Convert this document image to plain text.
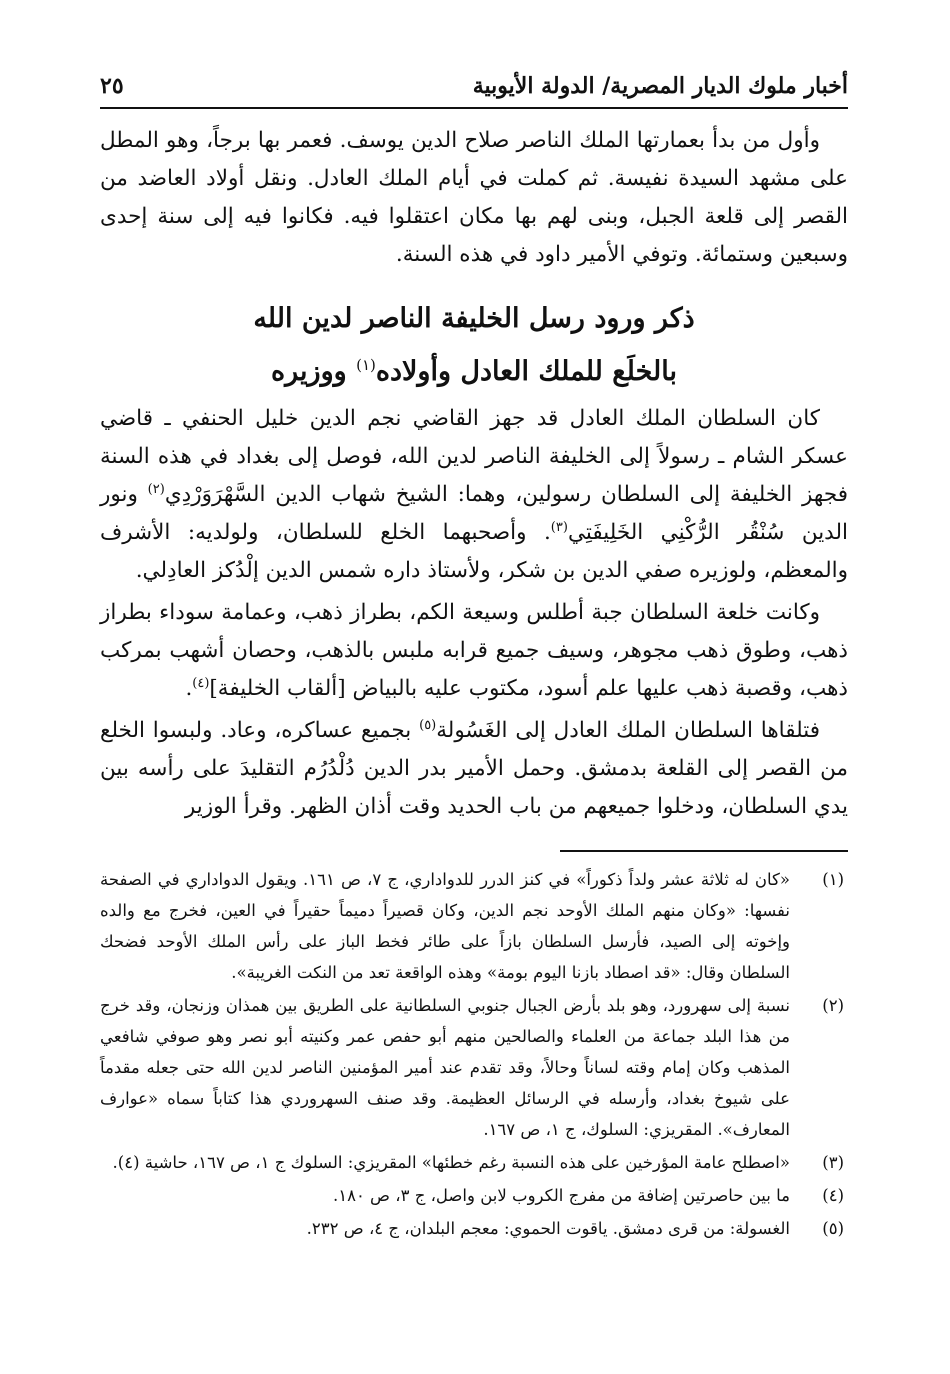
أخبار ملوك الديار المصرية/ الدولة الأيوبية
٢٥

وأول من بدأ بعمارتها الملك الناصر صلاح الدين يوسف. فعمر بها برجاً، وهو المطل على مشهد السيدة نفيسة. ثم كملت في أيام الملك العادل. ونقل أولاد العاضد من القصر إلى قلعة الجبل، وبنى لهم بها مكان اعتقلوا فيه. فكانوا فيه إلى سنة إحدى وسبعين وستمائة. وتوفي الأمير داود في هذه السنة.

ذكر ورود رسل الخليفة الناصر لدين الله
بالخلَع للملك العادل وأولاده$^{(١)}$ ووزيره

كان السلطان الملك العادل قد جهز القاضي نجم الدين خليل الحنفي ـ قاضي عسكر الشام ـ رسولاً إلى الخليفة الناصر لدين الله، فوصل إلى بغداد في هذه السنة فجهز الخليفة إلى السلطان رسولين، وهما: الشيخ شهاب الدين السَّهْرَوَرْدِي$^{(٢)}$ ونور الدين سُنْقُر الرُّكْنِي الخَلِيفَتِي$^{(٣)}$. وأصحبهما الخلع للسلطان، ولولديه: الأشرف والمعظم، ولوزيره صفي الدين بن شكر، ولأستاذ داره شمس الدين إلْدُكز العادِلي.

وكانت خلعة السلطان جبة أطلس وسيعة الكم، بطراز ذهب، وعمامة سوداء بطراز ذهب، وطوق ذهب مجوهر، وسيف جميع قرابه ملبس بالذهب، وحصان أشهب بمركب ذهب، وقصبة ذهب عليها علم أسود، مكتوب عليه بالبياض [ألقاب الخليفة]$^{(٤)}$.

فتلقاها السلطان الملك العادل إلى الغَسُولة$^{(٥)}$ بجميع عساكره، وعاد. ولبسوا الخلع من القصر إلى القلعة بدمشق. وحمل الأمير بدر الدين دُلْدُرُم التقليدَ على رأسه بين يدي السلطان، ودخلوا جميعهم من باب الحديد وقت أذان الظهر. وقرأ الوزير

(١)
«كان له ثلاثة عشر ولداً ذكوراً» في كنز الدرر للدواداري، ج ٧، ص ١٦١. ويقول الدواداري في الصفحة نفسها: «وكان منهم الملك الأوحد نجم الدين، وكان قصيراً دميماً حقيراً في العين، فخرج مع والده وإخوته إلى الصيد، فأرسل السلطان بازاً على طائر فخط الباز على رأس الملك الأوحد فضحك السلطان وقال: «قد اصطاد بازنا اليوم بومة» وهذه الواقعة تعد من النكت الغريبة».
(٢)
نسبة إلى سهرورد، وهو بلد بأرض الجبال جنوبي السلطانية على الطريق بين همذان وزنجان، وقد خرج من هذا البلد جماعة من العلماء والصالحين منهم أبو حفص عمر وكنيته أبو نصر وهو صوفي شافعي المذهب وكان إمام وقته لساناً وحالاً، وقد تقدم عند أمير المؤمنين الناصر لدين الله حتى جعله مقدماً على شيوخ بغداد، وأرسله في الرسائل العظيمة. وقد صنف السهروردي هذا كتاباً سماه «عوارف المعارف». المقريزي: السلوك، ج ١، ص ١٦٧.
(٣)
«اصطلح عامة المؤرخين على هذه النسبة رغم خطئها» المقريزي: السلوك ج ١، ص ١٦٧، حاشية (٤).
(٤)
ما بين حاصرتين إضافة من مفرج الكروب لابن واصل، ج ٣، ص ١٨٠.
(٥)
الغسولة: من قرى دمشق. ياقوت الحموي: معجم البلدان، ج ٤، ص ٢٣٢.
